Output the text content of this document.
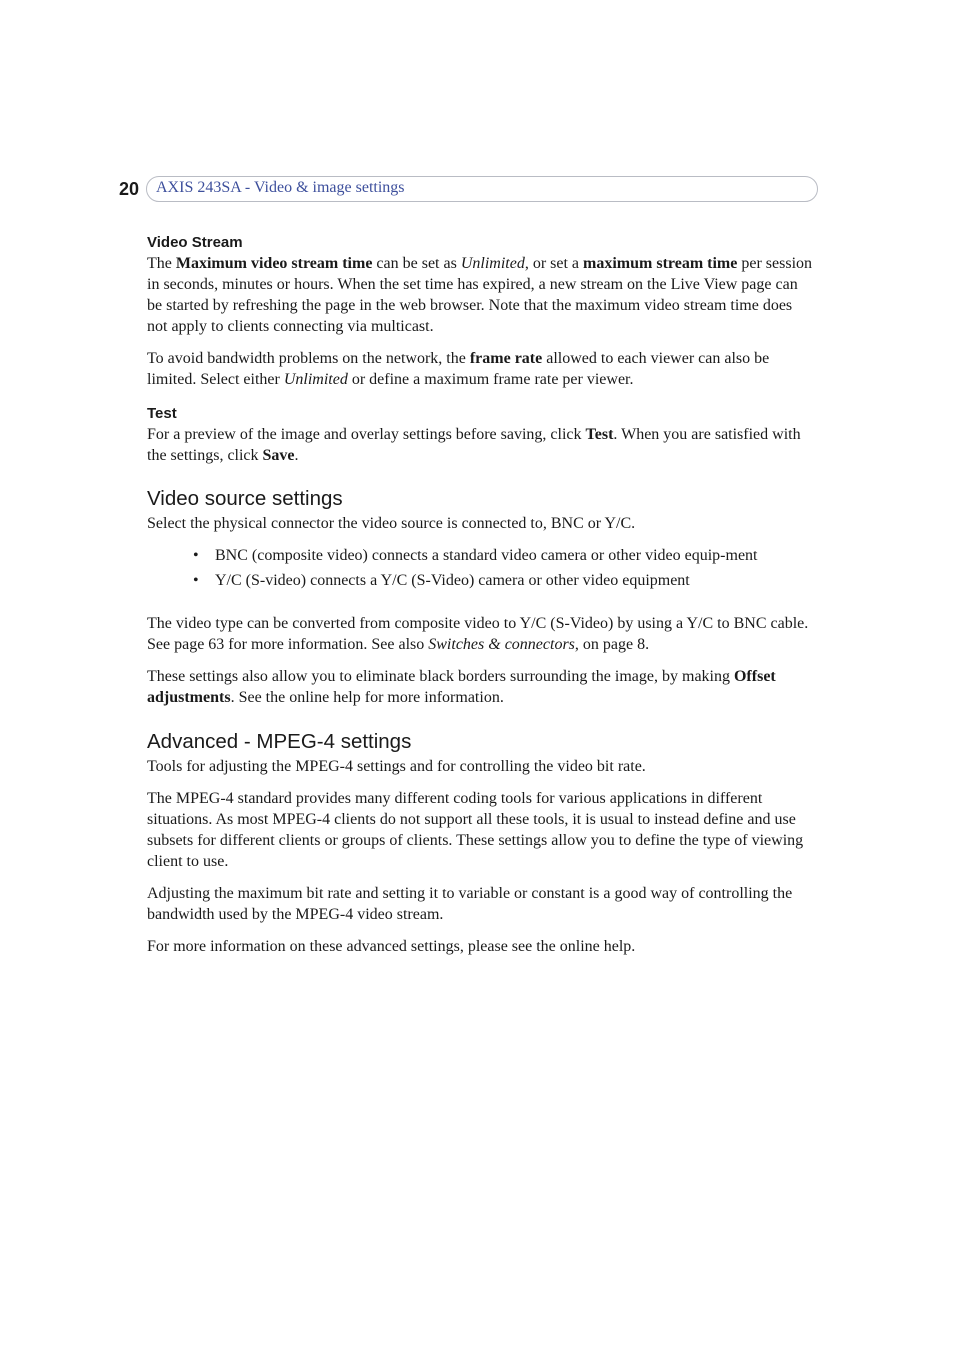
20 AXIS 243SA - Video & image settings
Video Stream

The Maximum video stream time can be set as Unlimited, or set a maximum stream time per session in seconds, minutes or hours. When the set time has expired, a new stream on the Live View page can be started by refreshing the page in the web browser. Note that the maximum video stream time does not apply to clients connecting via multicast.

To avoid bandwidth problems on the network, the frame rate allowed to each viewer can also be limited. Select either Unlimited or define a maximum frame rate per viewer.

Test

For a preview of the image and overlay settings before saving, click Test. When you are satisfied with the settings, click Save.

Video source settings

Select the physical connector the video source is connected to, BNC or Y/C.

• BNC (composite video) connects a standard video camera or other video equip-ment
• Y/C (S-video) connects a Y/C (S-Video) camera or other video equipment

The video type can be converted from composite video to Y/C (S-Video) by using a Y/C to BNC cable. See page 63 for more information. See also Switches & connectors, on page 8.

These settings also allow you to eliminate black borders surrounding the image, by making Offset adjustments. See the online help for more information.

Advanced - MPEG-4 settings

Tools for adjusting the MPEG-4 settings and for controlling the video bit rate.

The MPEG-4 standard provides many different coding tools for various applications in different situations. As most MPEG-4 clients do not support all these tools, it is usual to instead define and use subsets for different clients or groups of clients. These settings allow you to define the type of viewing client to use.

Adjusting the maximum bit rate and setting it to variable or constant is a good way of controlling the bandwidth used by the MPEG-4 video stream.

For more information on these advanced settings, please see the online help.
